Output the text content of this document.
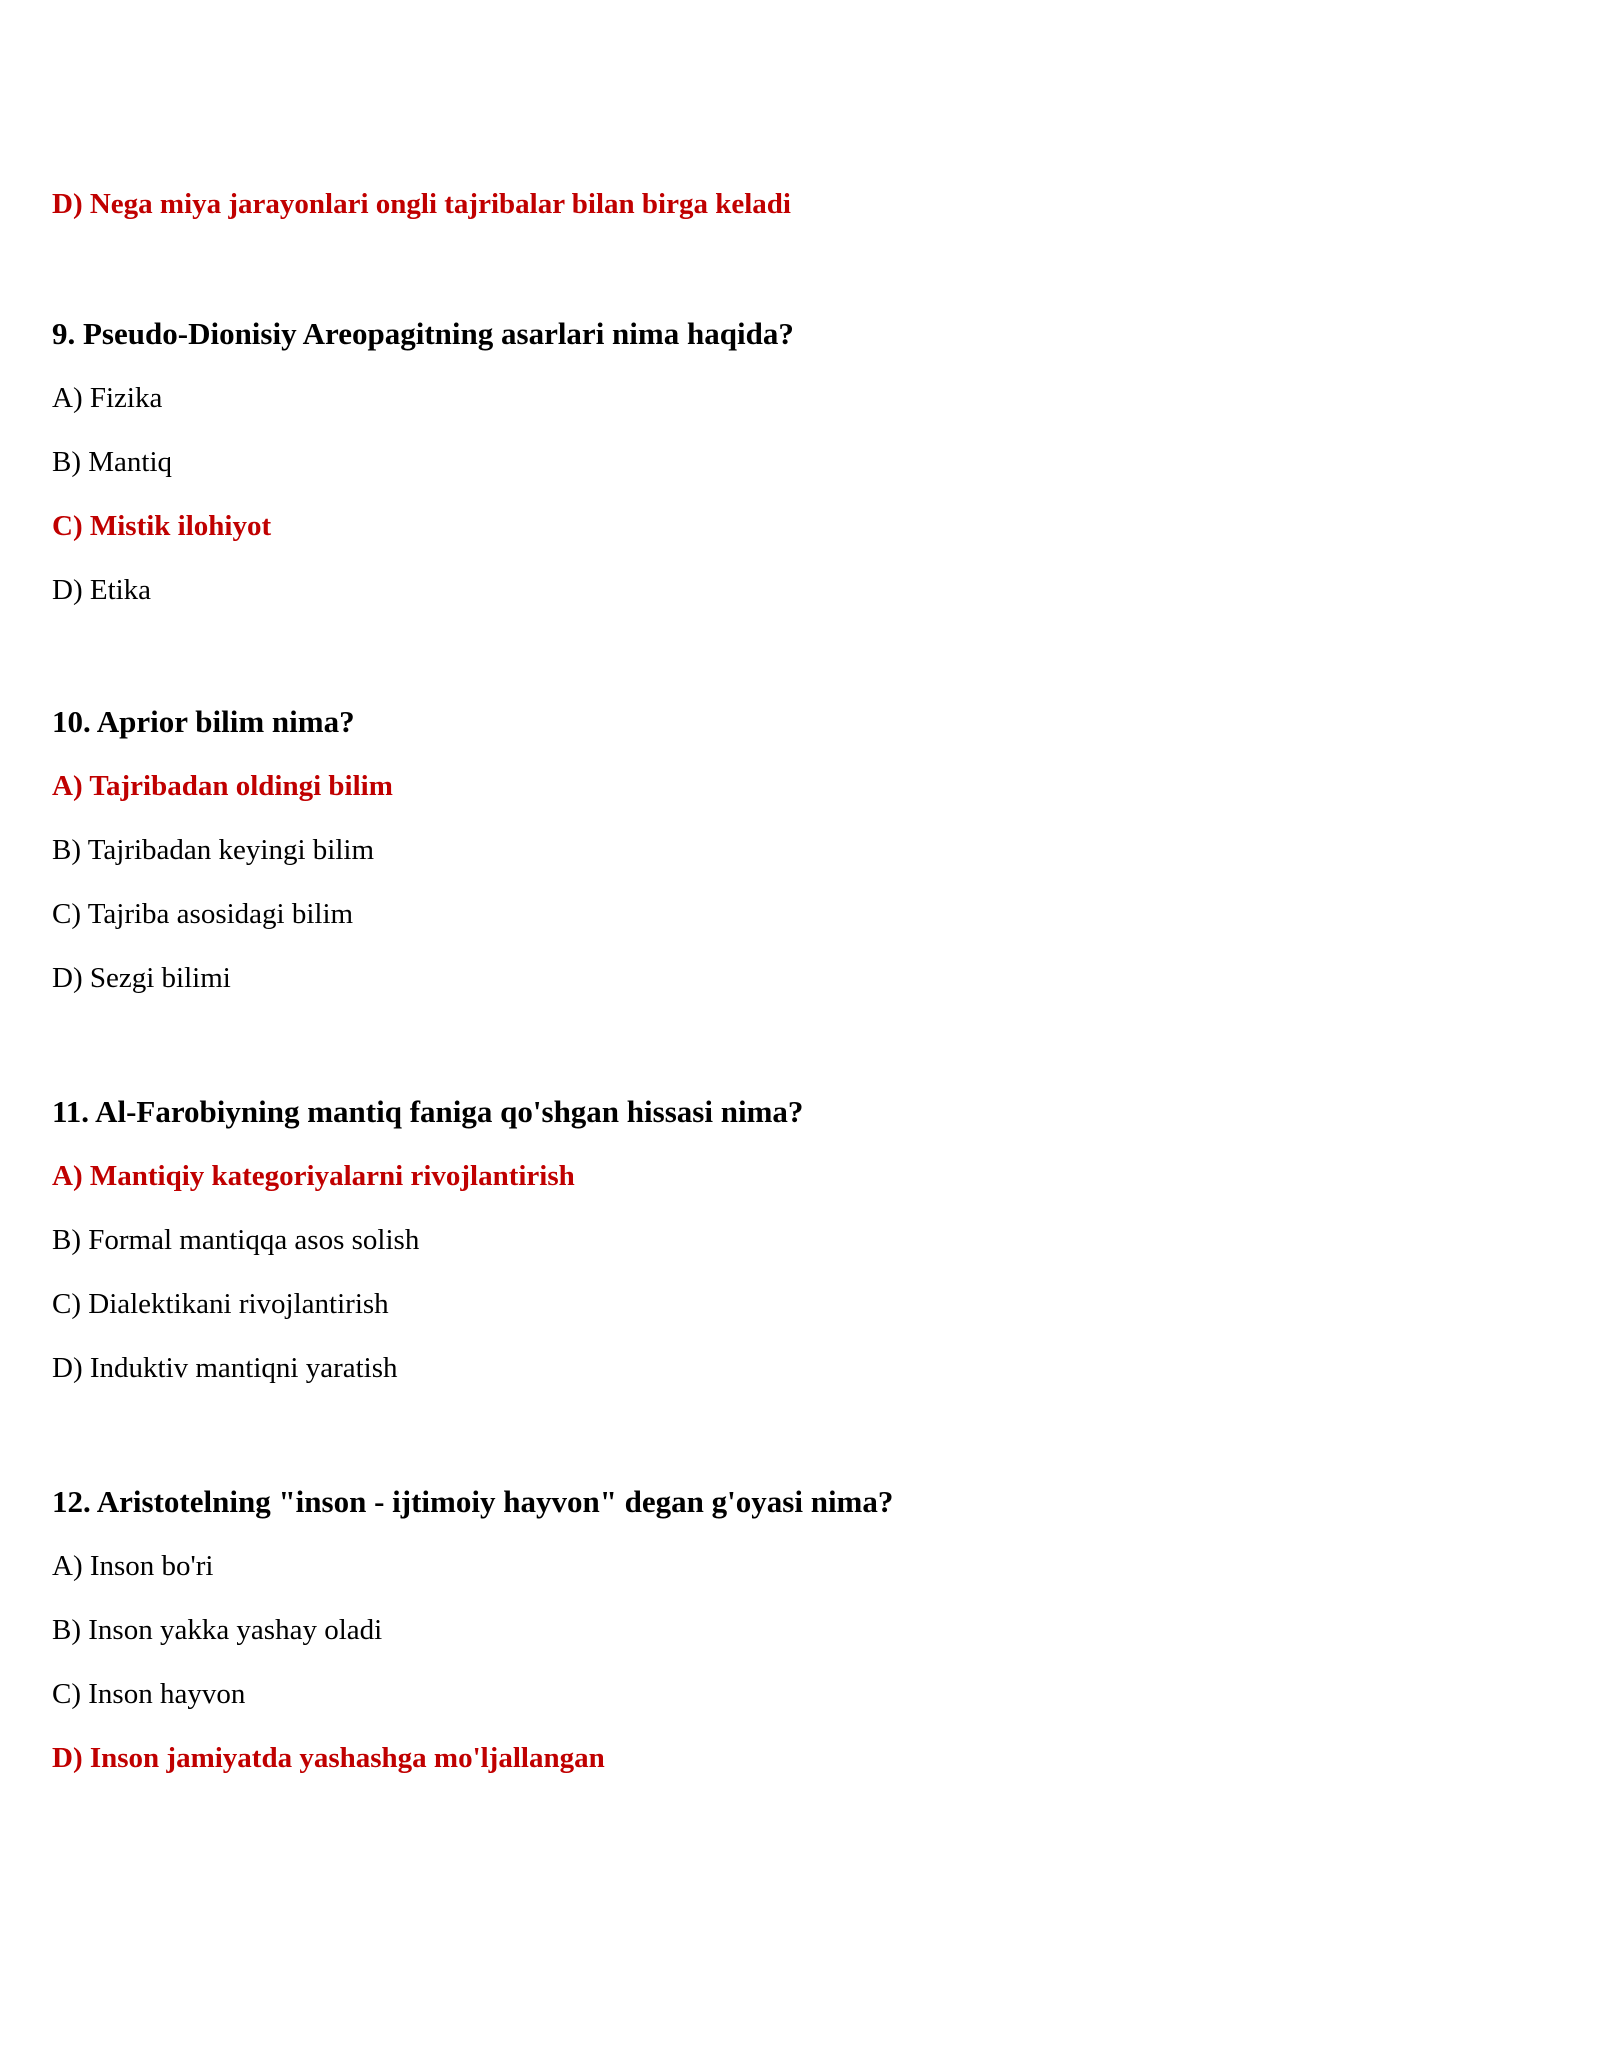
D) Nega miya jarayonlari ongli tajribalar bilan birga keladi

9. Pseudo-Dionisiy Areopagitning asarlari nima haqida?

A) Fizika

B) Mantiq

C) Mistik ilohiyot

D) Etika

10. Aprior bilim nima?

A) Tajribadan oldingi bilim

B) Tajribadan keyingi bilim

C) Tajriba asosidagi bilim

D) Sezgi bilimi

11. Al-Farobiyning mantiq faniga qo'shgan hissasi nima?

A) Mantiqiy kategoriyalarni rivojlantirish

B) Formal mantiqqa asos solish

C) Dialektikani rivojlantirish

D) Induktiv mantiqni yaratish

12. Aristotelning "inson - ijtimoiy hayvon" degan g'oyasi nima?

A) Inson bo'ri

B) Inson yakka yashay oladi

C) Inson hayvon

D) Inson jamiyatda yashashga mo'ljallangan
